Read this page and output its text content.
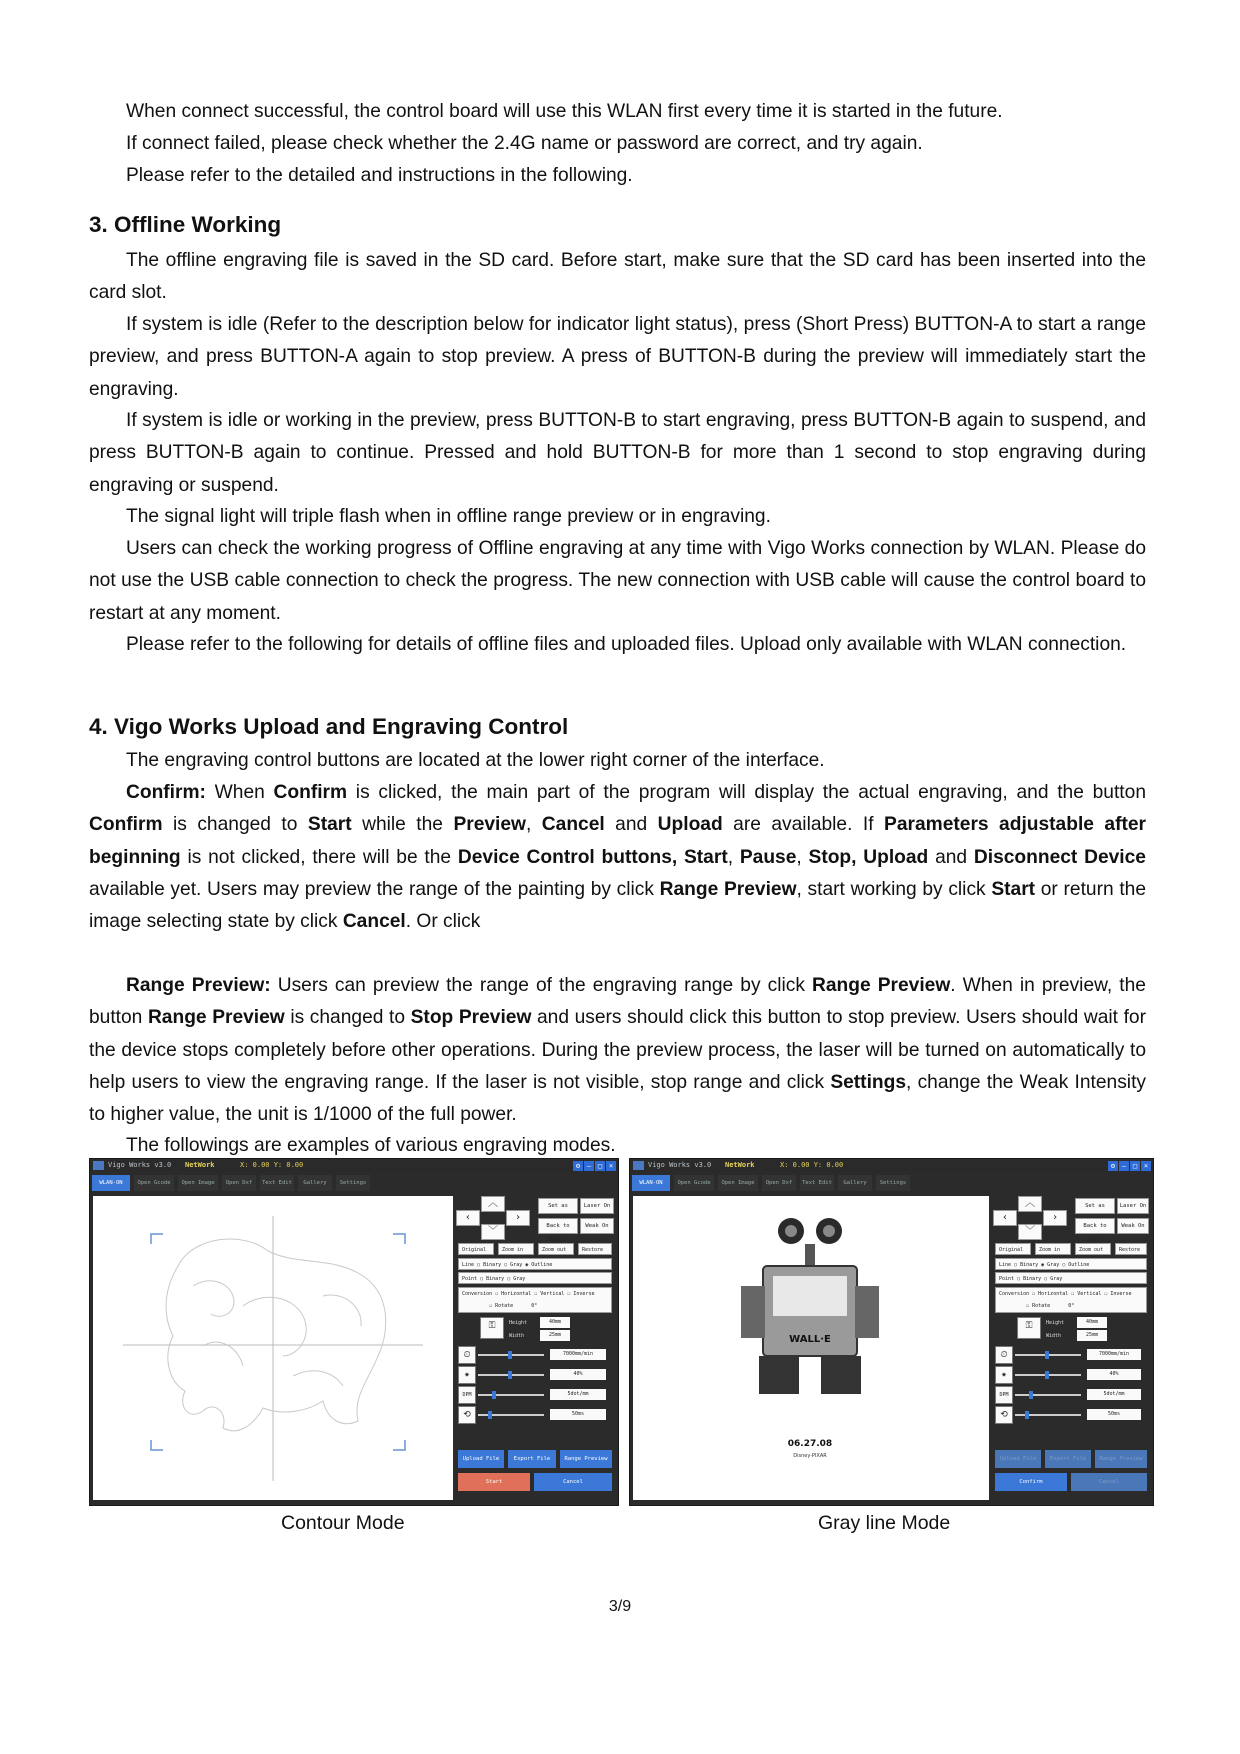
When connect successful, the control board will use this WLAN first every time it is started in the future.

If connect failed, please check whether the 2.4G name or password are correct, and try again.

Please refer to the detailed and instructions in the following.

3. Offline Working

The offline engraving file is saved in the SD card. Before start, make sure that the SD card has been inserted into the card slot.

If system is idle (Refer to the description below for indicator light status), press (Short Press) BUTTON-A to start a range preview, and press BUTTON-A again to stop preview. A press of BUTTON-B during the preview will immediately start the engraving.

If system is idle or working in the preview, press BUTTON-B to start engraving, press BUTTON-B again to suspend, and press BUTTON-B again to continue. Pressed and hold BUTTON-B for more than 1 second to stop engraving during engraving or suspend.

The signal light will triple flash when in offline range preview or in engraving.

Users can check the working progress of Offline engraving at any time with Vigo Works connection by WLAN. Please do not use the USB cable connection to check the progress. The new connection with USB cable will cause the control board to restart at any moment.

Please refer to the following for details of offline files and uploaded files. Upload only available with WLAN connection.

4. Vigo Works Upload and Engraving Control

The engraving control buttons are located at the lower right corner of the interface.

Confirm: When Confirm is clicked, the main part of the program will display the actual engraving, and the button Confirm is changed to Start while the Preview, Cancel and Upload are available. If Parameters adjustable after beginning is not clicked, there will be the Device Control buttons, Start, Pause, Stop, Upload and Disconnect Device available yet. Users may preview the range of the painting by click Range Preview, start working by click Start or return the image selecting state by click Cancel. Or click

Range Preview: Users can preview the range of the engraving range by click Range Preview. When in preview, the button Range Preview is changed to Stop Preview and users should click this button to stop preview. Users should wait for the device stops completely before other operations. During the preview process, the laser will be turned on automatically to help users to view the engraving range. If the laser is not visible, stop range and click Settings, change the Weak Intensity to higher value, the unit is 1/1000 of the full power.

The followings are examples of various engraving modes.

Vigo Works v3.0 NetWork	X: 0.00 Y: 0.00	⚙ – □ ×
WLAN-ON	Open Gcode	Open Image	Open Dxf	Text Edit	Gallery	Settings
︿
‹	›
﹀
Set as	Laser On
Back to Start
Weak On
Original	Zoom in	Zoom out	Restore
Line ○ Binary ○ Gray ◉ Outline
Point ○ Binary ○ Gray
Conversion ☐ Horizontal ☐ Vertical ☐ Inverse
☐ Rotate	0°
⚿	Height	40mm
Width	25mm
⏲	7000mm/min
✷	40%
DPM	5dot/mm
⟲	50ms
Upload File	Export File	Range Preview
Start	Cancel
Vigo Works v3.0 NetWork	X: 0.00 Y: 0.00	⚙ – □ ×
WLAN-ON	Open Gcode	Open Image	Open Dxf	Text Edit	Gallery	Settings
WALL·E
06.27.08
Disney·PIXAR
︿
‹	›
﹀
Set as	Laser On
Back to Start
Weak On
Original	Zoom in	Zoom out	Restore
Line ○ Binary ◉ Gray ○ Outline
Point ○ Binary ○ Gray
Conversion ☐ Horizontal ☐ Vertical ☐ Inverse
☐ Rotate	0°
⚿	Height	40mm
Width	25mm
⏲	7000mm/min
✷	40%
DPM	5dot/mm
⟲	50ms
Upload File	Export File	Range Preview
Confirm	Cancel
Contour Mode	Gray line Mode
3/9
